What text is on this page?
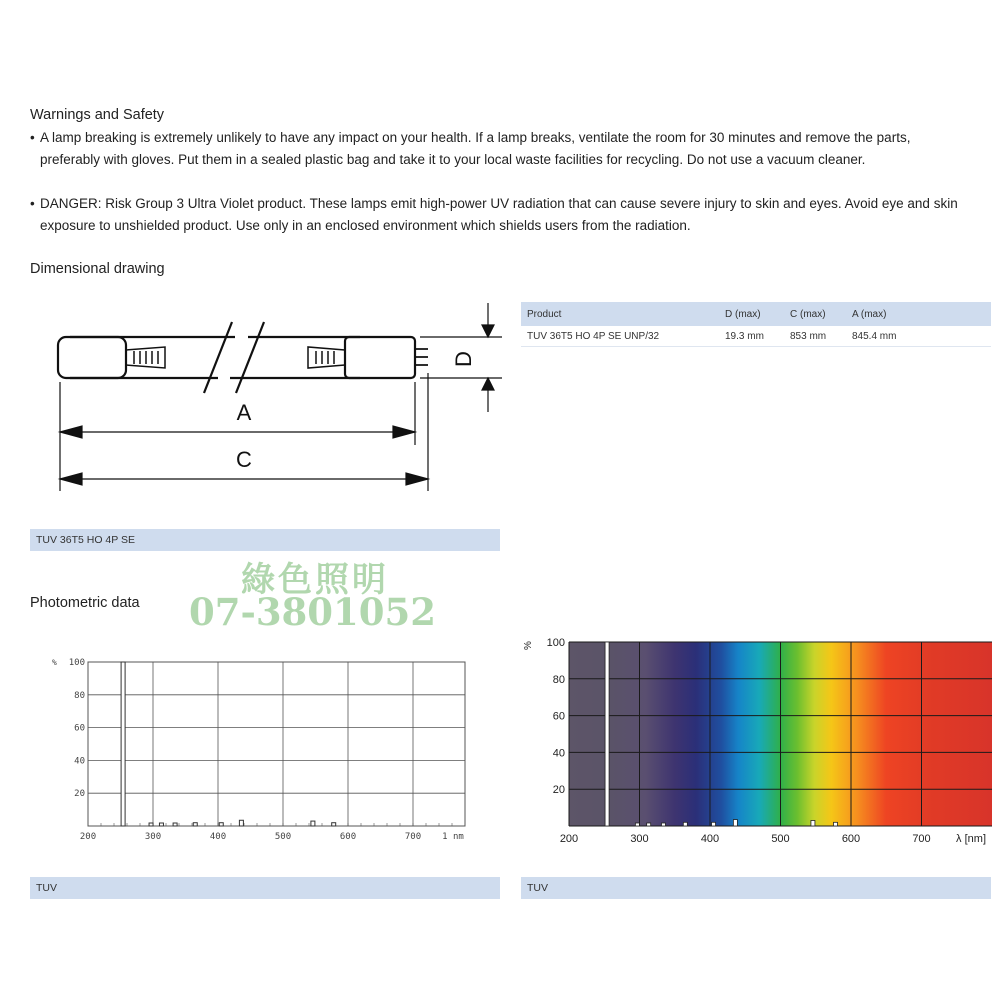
Warnings and Safety
• A lamp breaking is extremely unlikely to have any impact on your health. If a lamp breaks, ventilate the room for 30 minutes and remove the parts, preferably with gloves. Put them in a sealed plastic bag and take it to your local waste facilities for recycling. Do not use a vacuum cleaner.
• DANGER: Risk Group 3 Ultra Violet product. These lamps emit high-power UV radiation that can cause severe injury to skin and eyes. Avoid eye and skin exposure to unshielded product. Use only in an enclosed environment which shields users from the radiation.
Dimensional drawing
A
C
D
TUV 36T5 HO 4P SE
Product	D (max)	C (max)	A (max)
TUV 36T5 HO 4P SE UNP/32	19.3 mm	853 mm	845.4 mm
綠色照明
07-3801052
Photometric data
200	300	400	500	600	700 1 nm
20
40
60
80
100
%
200	300	400	500	600	700 λ [nm]
20
40
60
80
100
%
TUV	TUV
